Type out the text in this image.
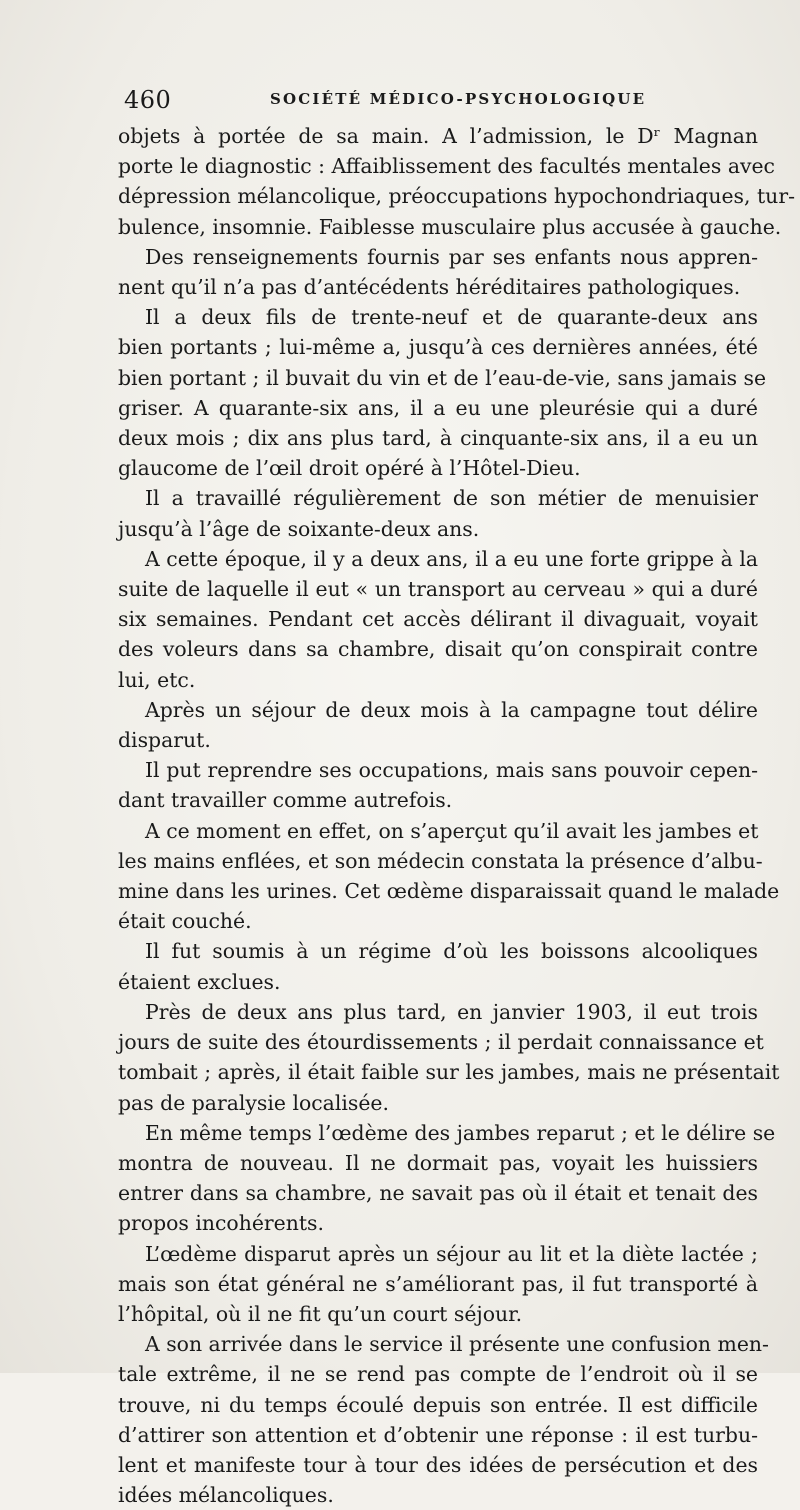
460	SOCIÉTÉ MÉDICO-PSYCHOLOGIQUE
objets à portée de sa main. A l’admission, le Dʳ Magnan
porte le diagnostic : Affaiblissement des facultés mentales avec
dépression mélancolique, préoccupations hypochondriaques, tur-
bulence, insomnie. Faiblesse musculaire plus accusée à gauche.
Des renseignements fournis par ses enfants nous appren-
nent qu’il n’a pas d’antécédents héréditaires pathologiques.
Il a deux fils de trente-neuf et de quarante-deux ans
bien portants ; lui-même a, jusqu’à ces dernières années, été
bien portant ; il buvait du vin et de l’eau-de-vie, sans jamais se
griser. A quarante-six ans, il a eu une pleurésie qui a duré
deux mois ; dix ans plus tard, à cinquante-six ans, il a eu un
glaucome de l’œil droit opéré à l’Hôtel-Dieu.
Il a travaillé régulièrement de son métier de menuisier
jusqu’à l’âge de soixante-deux ans.
A cette époque, il y a deux ans, il a eu une forte grippe à la
suite de laquelle il eut « un transport au cerveau » qui a duré
six semaines. Pendant cet accès délirant il divaguait, voyait
des voleurs dans sa chambre, disait qu’on conspirait contre
lui, etc.
Après un séjour de deux mois à la campagne tout délire
disparut.
Il put reprendre ses occupations, mais sans pouvoir cepen-
dant travailler comme autrefois.
A ce moment en effet, on s’aperçut qu’il avait les jambes et
les mains enflées, et son médecin constata la présence d’albu-
mine dans les urines. Cet œdème disparaissait quand le malade
était couché.
Il fut soumis à un régime d’où les boissons alcooliques
étaient exclues.
Près de deux ans plus tard, en janvier 1903, il eut trois
jours de suite des étourdissements ; il perdait connaissance et
tombait ; après, il était faible sur les jambes, mais ne présentait
pas de paralysie localisée.
En même temps l’œdème des jambes reparut ; et le délire se
montra de nouveau. Il ne dormait pas, voyait les huissiers
entrer dans sa chambre, ne savait pas où il était et tenait des
propos incohérents.
L’œdème disparut après un séjour au lit et la diète lactée ;
mais son état général ne s’améliorant pas, il fut transporté à
l’hôpital, où il ne fit qu’un court séjour.
A son arrivée dans le service il présente une confusion men-
tale extrême, il ne se rend pas compte de l’endroit où il se
trouve, ni du temps écoulé depuis son entrée. Il est difficile
d’attirer son attention et d’obtenir une réponse : il est turbu-
lent et manifeste tour à tour des idées de persécution et des
idées mélancoliques.
